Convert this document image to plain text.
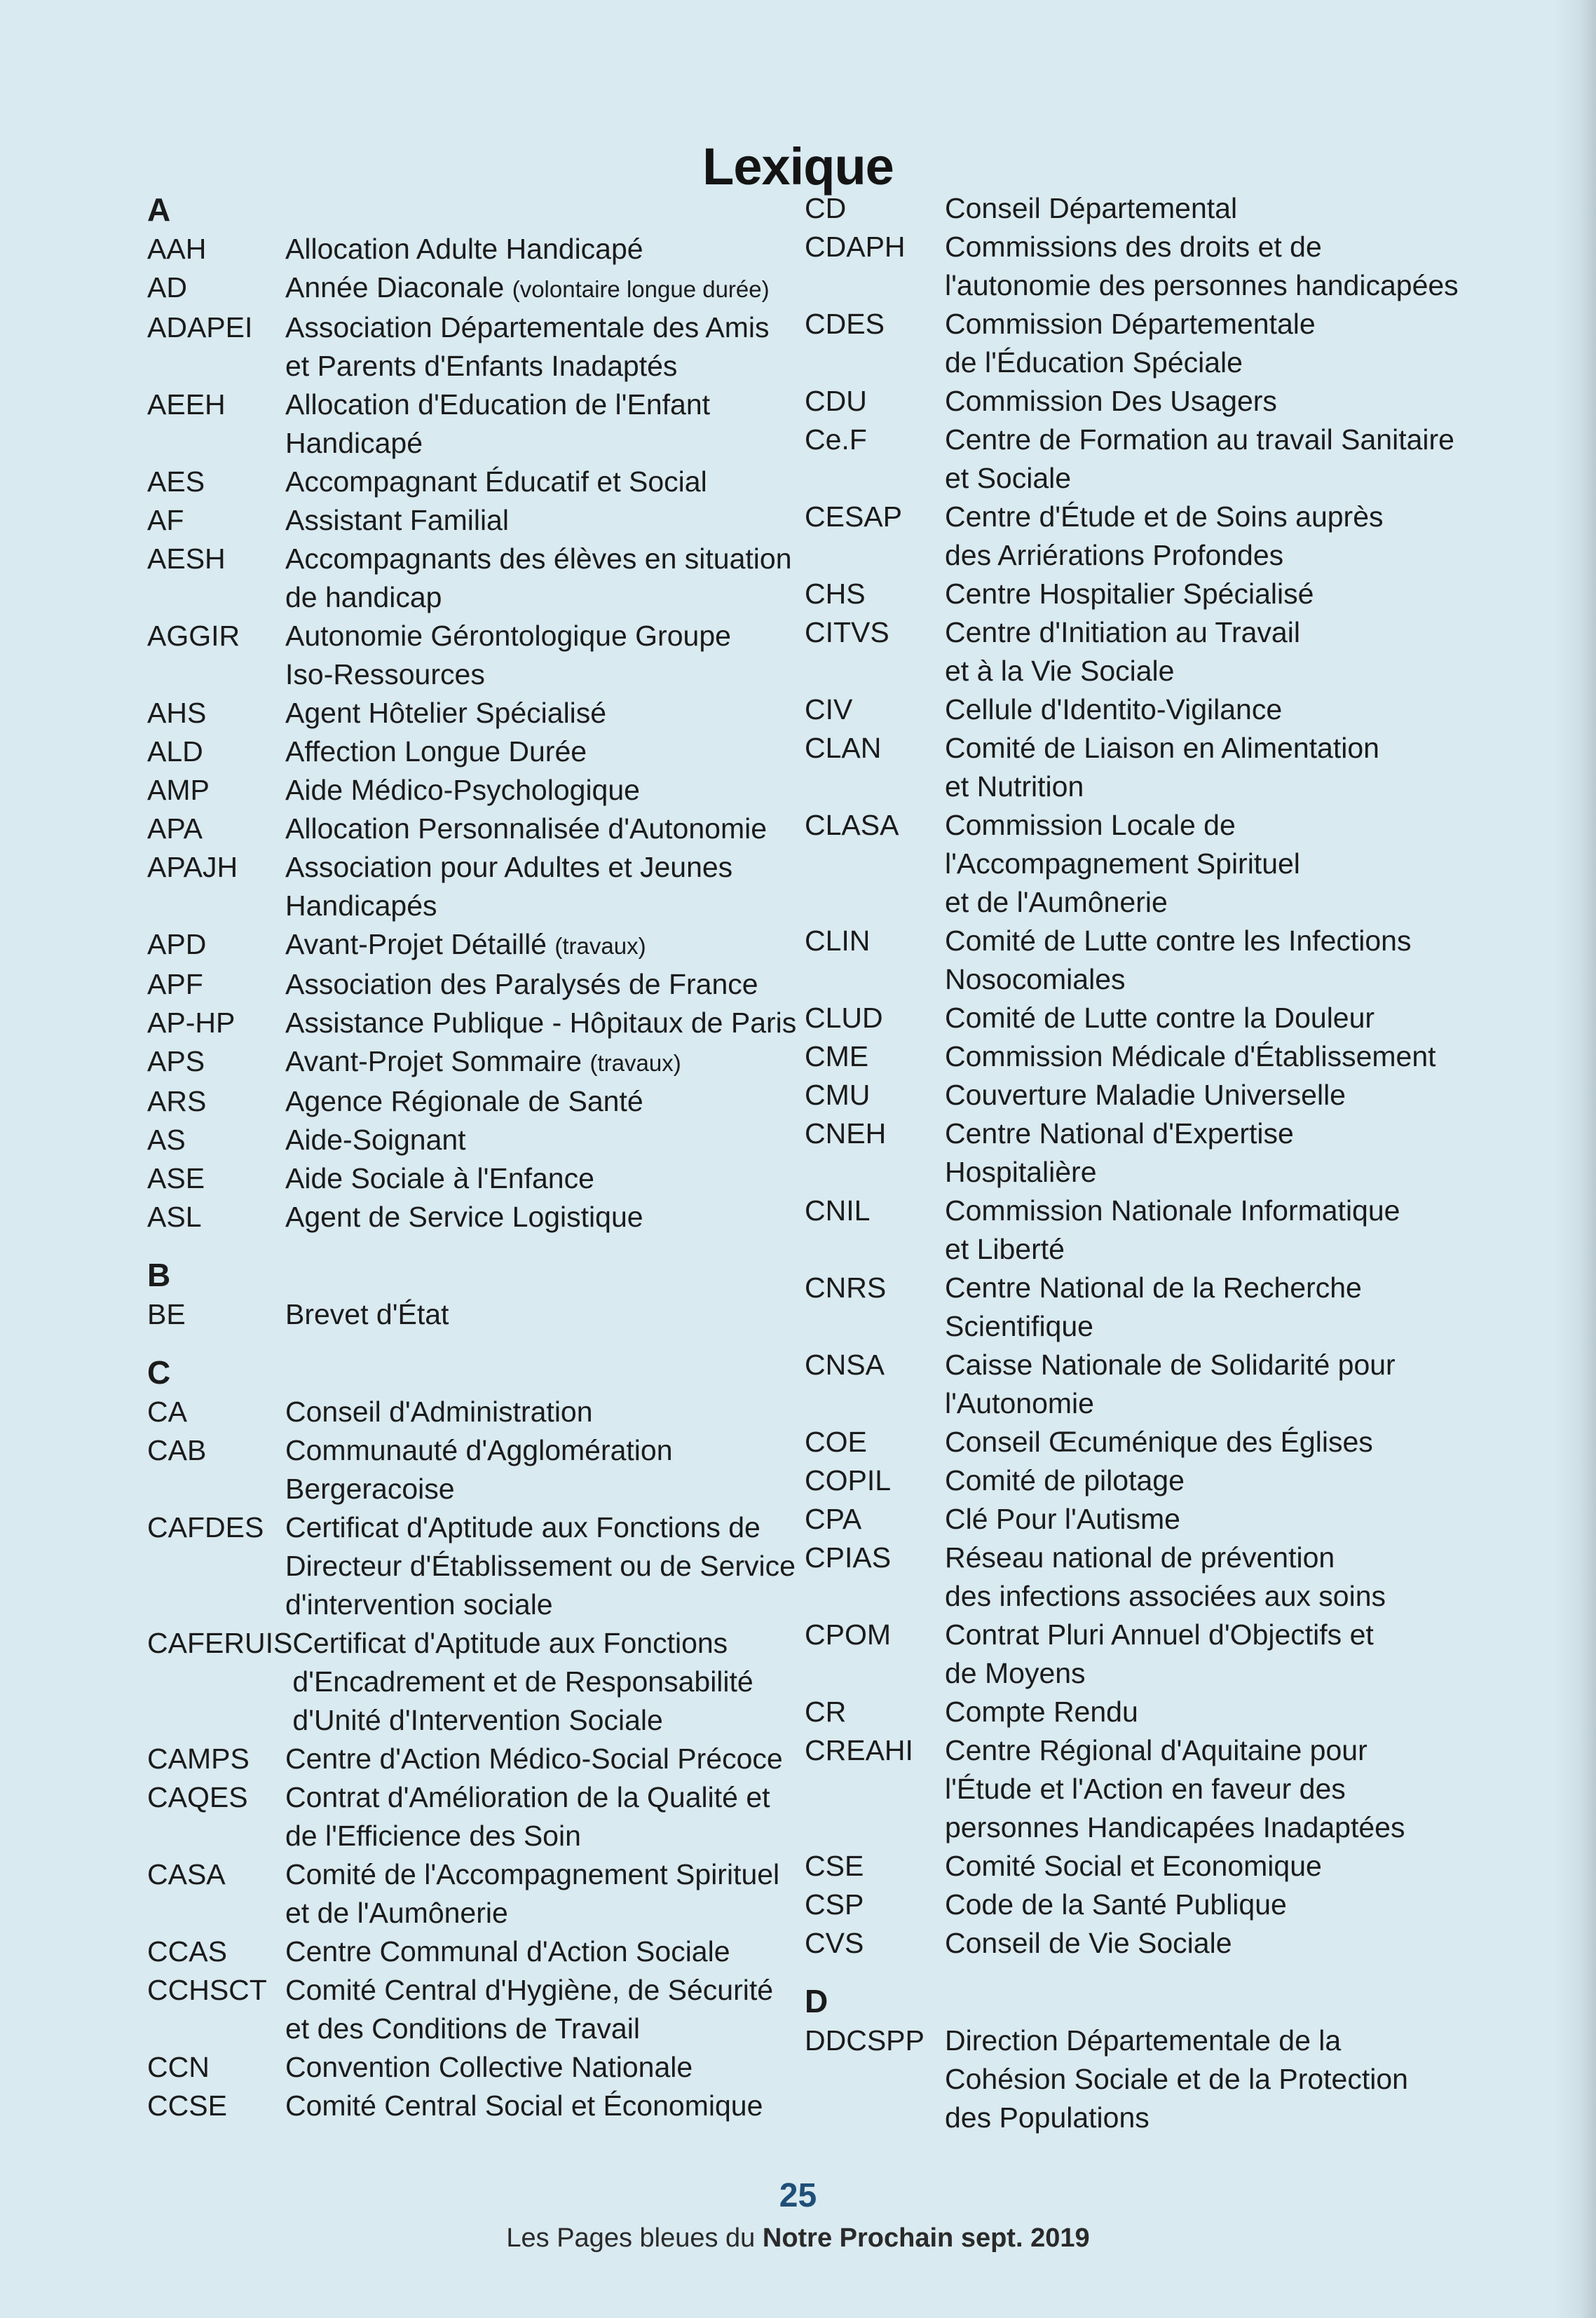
Lexique
A
AAH	Allocation Adulte Handicapé
AD	Année Diaconale (volontaire longue durée)
ADAPEI	Association Départementale des Amis
et Parents d'Enfants Inadaptés
AEEH	Allocation d'Education de l'Enfant
Handicapé
AES	Accompagnant Éducatif et Social
AF	Assistant Familial
AESH	Accompagnants des élèves en situation
de handicap
AGGIR	Autonomie Gérontologique Groupe
Iso-Ressources
AHS	Agent Hôtelier Spécialisé
ALD	Affection Longue Durée
AMP	Aide Médico-Psychologique
APA	Allocation Personnalisée d'Autonomie
APAJH	Association pour Adultes et Jeunes
Handicapés
APD	Avant-Projet Détaillé (travaux)
APF	Association des Paralysés de France
AP-HP	Assistance Publique - Hôpitaux de Paris
APS	Avant-Projet Sommaire (travaux)
ARS	Agence Régionale de Santé
AS	Aide-Soignant
ASE	Aide Sociale à l'Enfance
ASL	Agent de Service Logistique
B
BE	Brevet d'État
C
CA	Conseil d'Administration
CAB	Communauté d'Agglomération
Bergeracoise
CAFDES Certificat d'Aptitude aux Fonctions de
Directeur d'Établissement ou de Service
d'intervention sociale
CAFERUIS Certificat d'Aptitude aux Fonctions
d'Encadrement et de Responsabilité
d'Unité d'Intervention Sociale
CAMPS	Centre d'Action Médico-Social Précoce
CAQES	Contrat d'Amélioration de la Qualité et
de l'Efficience des Soin
CASA	Comité de l'Accompagnement Spirituel
et de l'Aumônerie
CCAS	Centre Communal d'Action Sociale
CCHSCT Comité Central d'Hygiène, de Sécurité
et des Conditions de Travail
CCN	Convention Collective Nationale
CCSE	Comité Central Social et Économique
CD	Conseil Départemental
CDAPH	Commissions des droits et de
l'autonomie des personnes handicapées
CDES	Commission Départementale
de l'Éducation Spéciale
CDU	Commission Des Usagers
Ce.F	Centre de Formation au travail Sanitaire
et Sociale
CESAP	Centre d'Étude et de Soins auprès
des Arriérations Profondes
CHS	Centre Hospitalier Spécialisé
CITVS	Centre d'Initiation au Travail
et à la Vie Sociale
CIV	Cellule d'Identito-Vigilance
CLAN	Comité de Liaison en Alimentation
et Nutrition
CLASA	Commission Locale de
l'Accompagnement Spirituel
et de l'Aumônerie
CLIN	Comité de Lutte contre les Infections
Nosocomiales
CLUD	Comité de Lutte contre la Douleur
CME	Commission Médicale d'Établissement
CMU	Couverture Maladie Universelle
CNEH	Centre National d'Expertise
Hospitalière
CNIL	Commission Nationale Informatique
et Liberté
CNRS	Centre National de la Recherche
Scientifique
CNSA	Caisse Nationale de Solidarité pour
l'Autonomie
COE	Conseil Œcuménique des Églises
COPIL	Comité de pilotage
CPA	Clé Pour l'Autisme
CPIAS	Réseau national de prévention
des infections associées aux soins
CPOM	Contrat Pluri Annuel d'Objectifs et
de Moyens
CR	Compte Rendu
CREAHI	Centre Régional d'Aquitaine pour
l'Étude et l'Action en faveur des
personnes Handicapées Inadaptées
CSE	Comité Social et Economique
CSP	Code de la Santé Publique
CVS	Conseil de Vie Sociale
D
DDCSPP Direction Départementale de la
Cohésion Sociale et de la Protection
des Populations
25
Les Pages bleues du Notre Prochain sept. 2019
